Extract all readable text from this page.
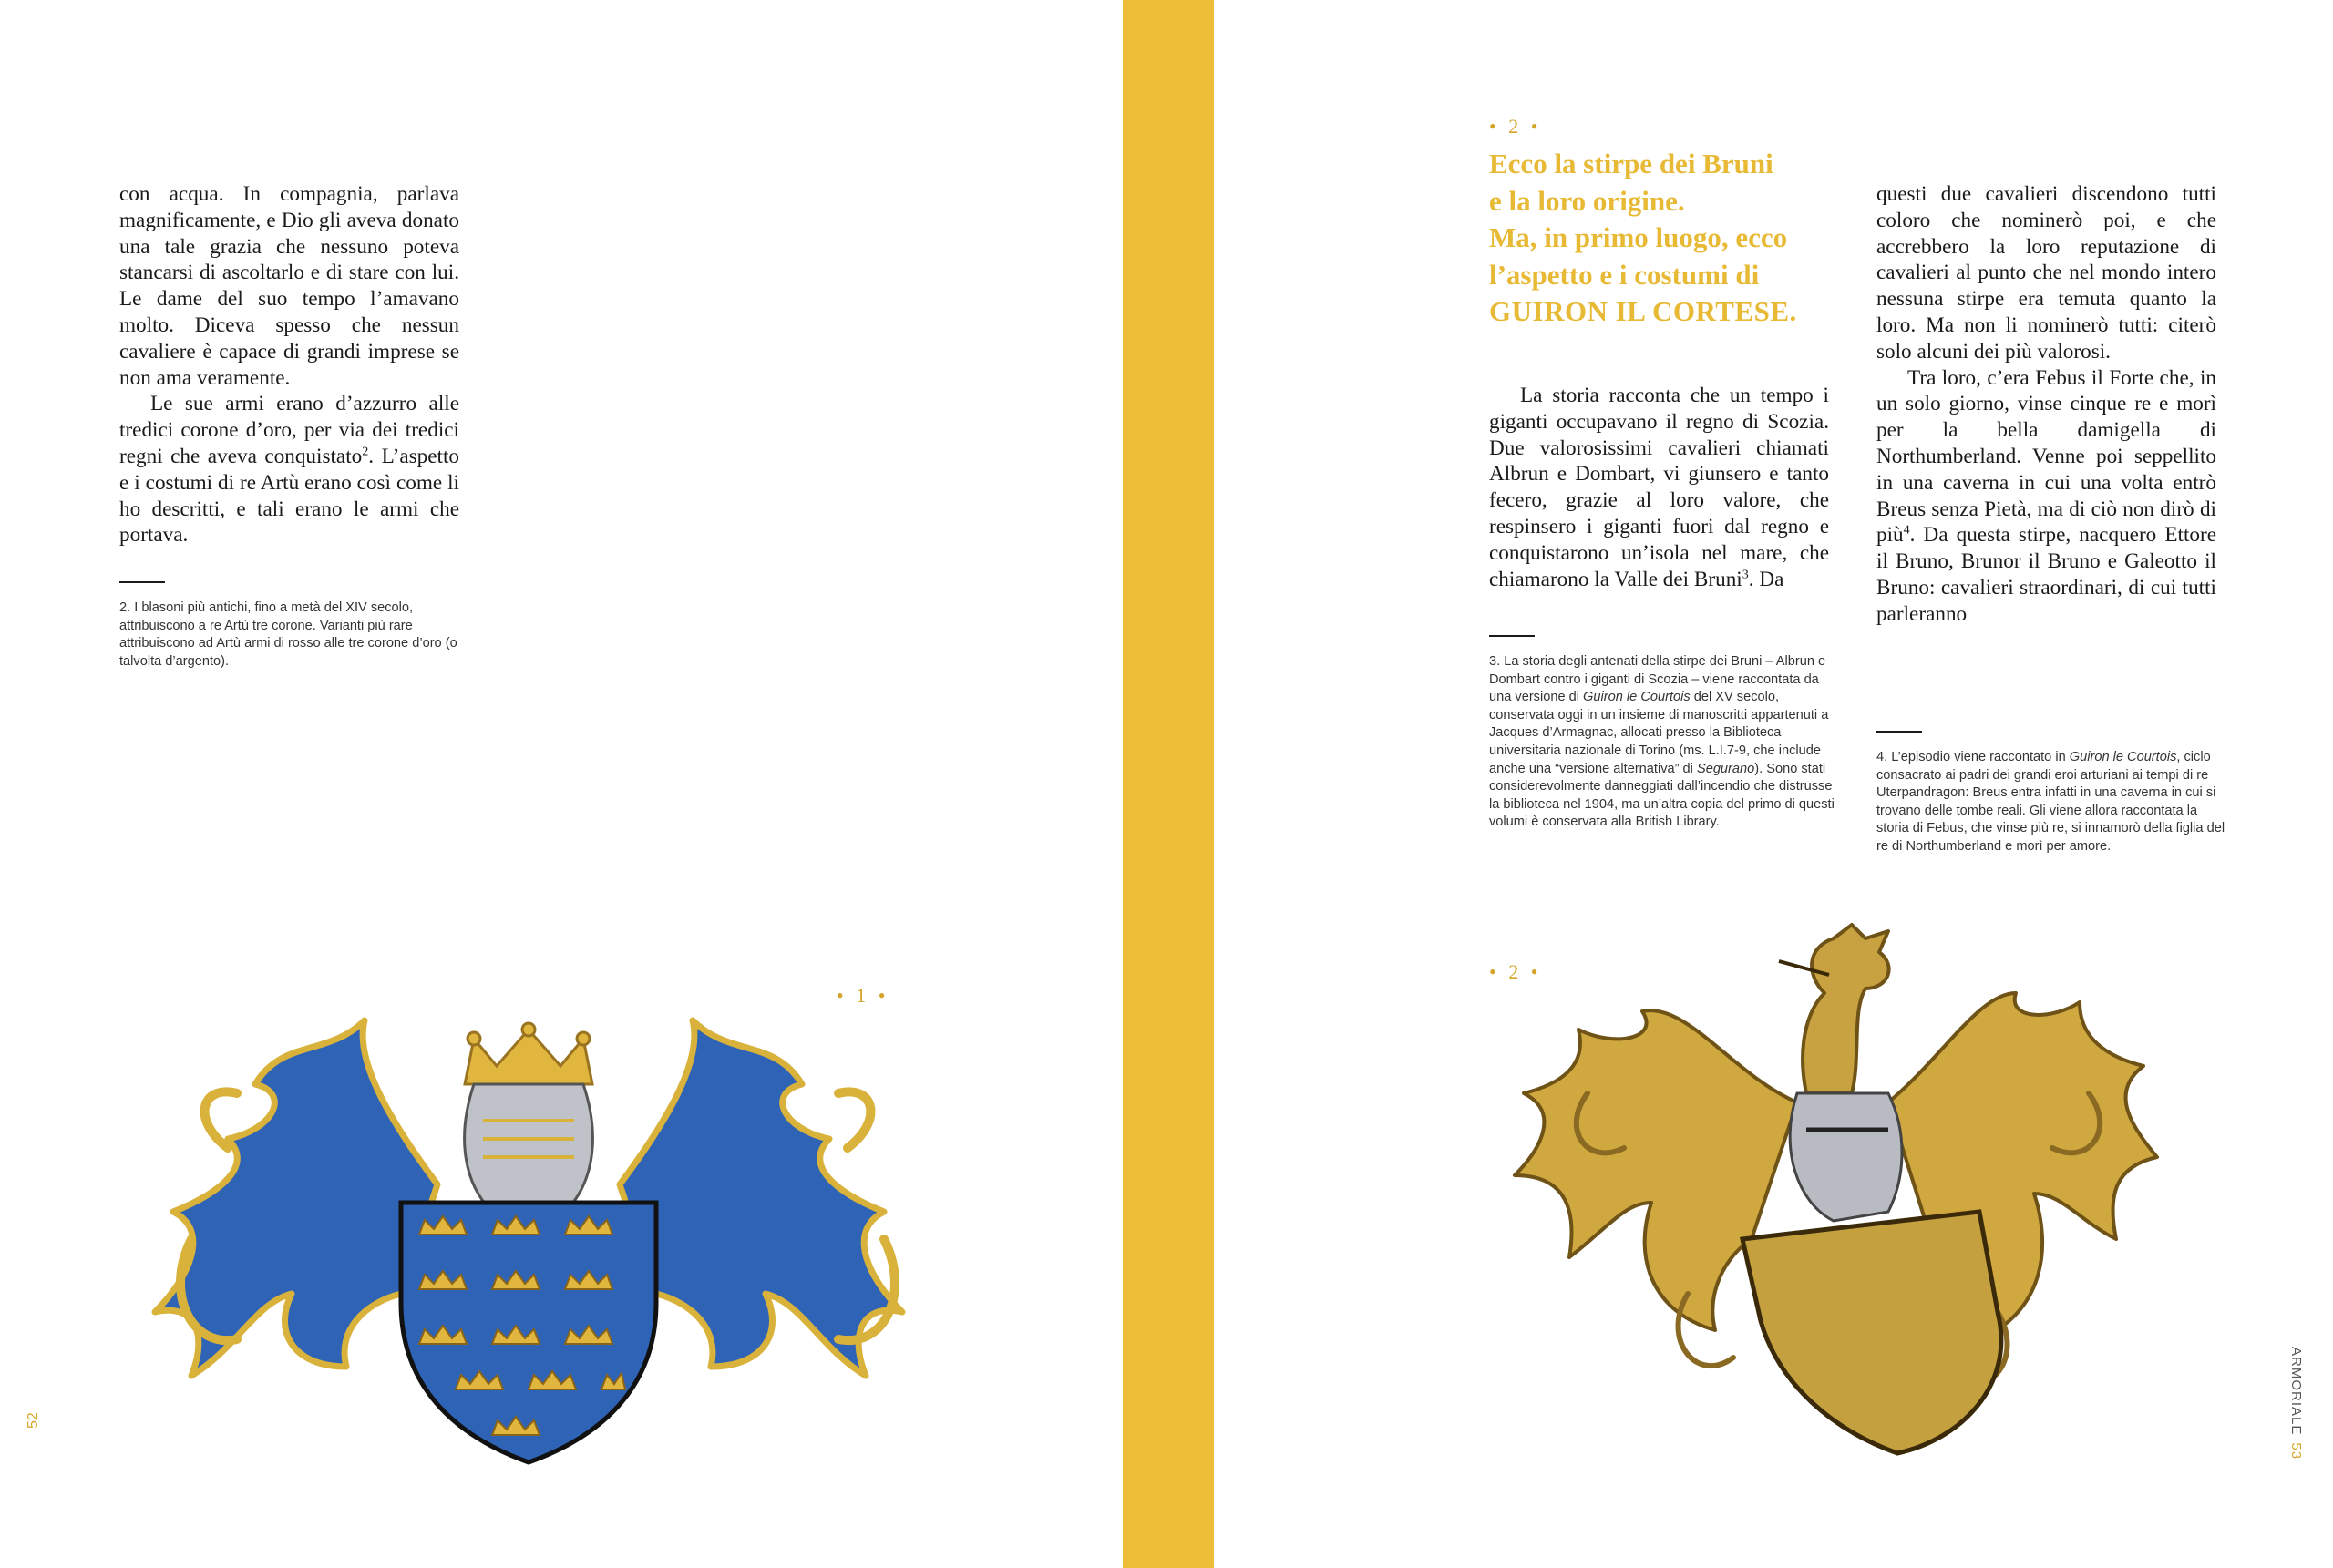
con acqua. In compagnia, parlava magnificamente, e Dio gli aveva donato una tale grazia che nessuno poteva stancarsi di ascoltarlo e di stare con lui. Le dame del suo tempo l’amavano molto. Diceva spesso che nessun cavaliere è capace di grandi imprese se non ama veramente.

Le sue armi erano d’azzurro alle tredici corone d’oro, per via dei tredici regni che aveva conquistato$^2$. L’aspetto e i costumi di re Artù erano così come li ho descritti, e tali erano le armi che portava.

2. I blasoni più antichi, fino a metà del XIV secolo, attribuiscono a re Artù tre corone. Varianti più rare attribuiscono ad Artù armi di rosso alle tre corone d’oro (o talvolta d’argento).

• 1 •
52
• 2 •
Ecco la stirpe dei Bruni
e la loro origine.
Ma, in primo luogo, ecco
l’aspetto e i costumi di
GUIRON IL CORTESE.

La storia racconta che un tempo i giganti occupavano il regno di Scozia. Due valorosissimi cavalieri chiamati Albrun e Dombart, vi giunsero e tanto fecero, grazie al loro valore, che respinsero i giganti fuori dal regno e conquistarono un’isola nel mare, che chiamarono la Valle dei Bruni$^3$. Da

3. La storia degli antenati della stirpe dei Bruni – Albrun e Dombart contro i giganti di Scozia – viene raccontata da una versione di Guiron le Courtois del XV secolo, conservata oggi in un insieme di manoscritti appartenuti a Jacques d’Armagnac, allocati presso la Biblioteca universitaria nazionale di Torino (ms. L.I.7-9, che include anche una “versione alternativa” di Segurano). Sono stati considerevolmente danneggiati dall’incendio che distrusse la biblioteca nel 1904, ma un’altra copia del primo di questi volumi è conservata alla British Library.

questi due cavalieri discendono tutti coloro che nominerò poi, e che accrebbero la loro reputazione di cavalieri al punto che nel mondo intero nessuna stirpe era temuta quanto la loro. Ma non li nominerò tutti: citerò solo alcuni dei più valorosi.

Tra loro, c’era Febus il Forte che, in un solo giorno, vinse cinque re e morì per la bella damigella di Northumberland. Venne poi seppellito in una caverna in cui una volta entrò Breus senza Pietà, ma di ciò non dirò di più$^4$. Da questa stirpe, nacquero Ettore il Bruno, Brunor il Bruno e Galeotto il Bruno: cavalieri straordinari, di cui tutti parleranno

4. L’episodio viene raccontato in Guiron le Courtois, ciclo consacrato ai padri dei grandi eroi arturiani ai tempi di re Uterpandragon: Breus entra infatti in una caverna in cui si trovano delle tombe reali. Gli viene allora raccontata la storia di Febus, che vinse più re, si innamorò della figlia del re di Northumberland e morì per amore.

• 2 •
ARMORIALE53
